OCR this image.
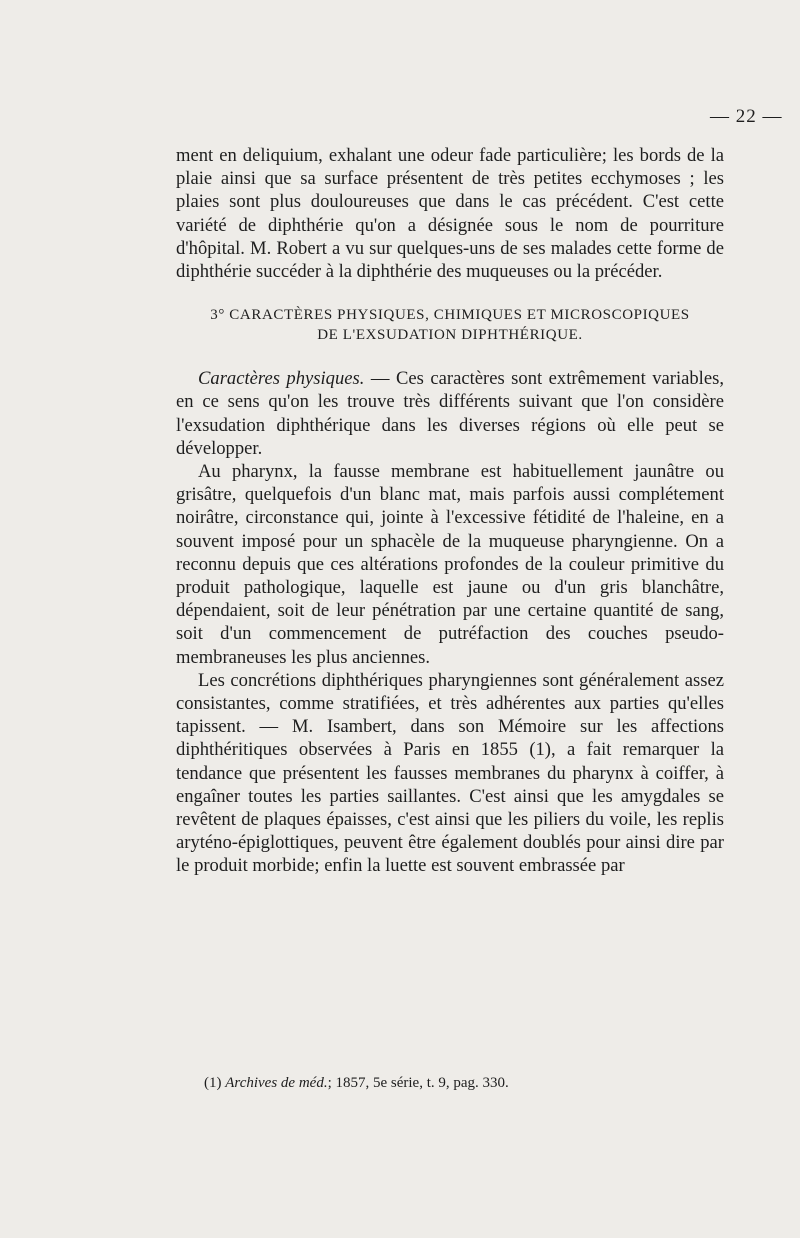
— 22 —

ment en deliquium, exhalant une odeur fade particulière; les bords de la plaie ainsi que sa surface présentent de très petites ecchymoses ; les plaies sont plus douloureuses que dans le cas précédent. C'est cette variété de diphthérie qu'on a désignée sous le nom de pourriture d'hôpital. M. Robert a vu sur quelques-uns de ses malades cette forme de diphthérie succéder à la diphthérie des muqueuses ou la précéder.

3° CARACTÈRES PHYSIQUES, CHIMIQUES ET MICROSCOPIQUES

DE L'EXSUDATION DIPHTHÉRIQUE.

Caractères physiques. — Ces caractères sont extrêmement variables, en ce sens qu'on les trouve très différents suivant que l'on considère l'exsudation diphthérique dans les diverses régions où elle peut se développer.

Au pharynx, la fausse membrane est habituellement jaunâtre ou grisâtre, quelquefois d'un blanc mat, mais parfois aussi complétement noirâtre, circonstance qui, jointe à l'excessive fétidité de l'haleine, en a souvent imposé pour un sphacèle de la muqueuse pharyngienne. On a reconnu depuis que ces altérations profondes de la couleur primitive du produit pathologique, laquelle est jaune ou d'un gris blanchâtre, dépendaient, soit de leur pénétration par une certaine quantité de sang, soit d'un commencement de putréfaction des couches pseudo-membraneuses les plus anciennes.

Les concrétions diphthériques pharyngiennes sont généralement assez consistantes, comme stratifiées, et très adhérentes aux parties qu'elles tapissent. — M. Isambert, dans son Mémoire sur les affections diphthéritiques observées à Paris en 1855 (1), a fait remarquer la tendance que présentent les fausses membranes du pharynx à coiffer, à engaîner toutes les parties saillantes. C'est ainsi que les amygdales se revêtent de plaques épaisses, c'est ainsi que les piliers du voile, les replis aryténo-épiglottiques, peuvent être également doublés pour ainsi dire par le produit morbide; enfin la luette est souvent embrassée par

(1) Archives de méd.; 1857, 5e série, t. 9, pag. 330.
